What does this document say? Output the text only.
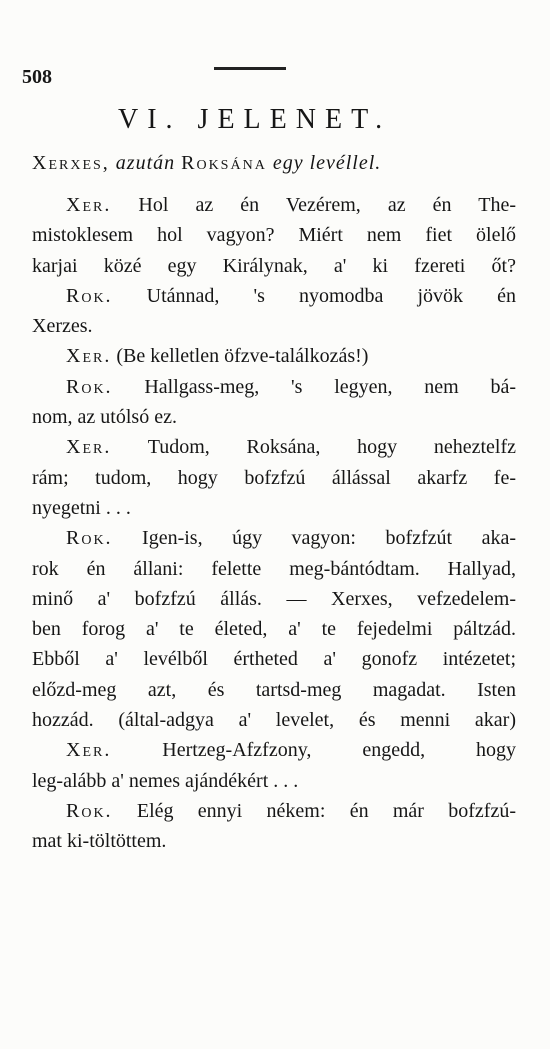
508
VI. JELENET.
Xerxes, azután Roksána egy levéllel.
Xer. Hol az én Vezérem, az én The-
mistoklesem hol vagyon? Miért nem fiet ölelő
karjai közé egy Királynak, a' ki fzereti őt?
Rok. Utánnad, 's nyomodba jövök én
Xerzes.
Xer. (Be kelletlen öfzve-találkozás!)
Rok. Hallgass-meg, 's legyen, nem bá-
nom, az utólsó ez.
Xer. Tudom, Roksána, hogy neheztelfz
rám; tudom, hogy bofzfzú állással akarfz fe-
nyegetni . . .
Rok. Igen-is, úgy vagyon: bofzfzút aka-
rok én állani: felette meg-bántódtam. Hallyad,
minő a' bofzfzú állás. — Xerxes, vefzedelem-
ben forog a' te életed, a' te fejedelmi páltzád.
Ebből a' levélből értheted a' gonofz intézetet;
előzd-meg azt, és tartsd-meg magadat. Isten
hozzád. (által-adgya a' levelet, és menni akar)
Xer. Hertzeg-Afzfzony, engedd, hogy
leg-alább a' nemes ajándékért . . .
Rok. Elég ennyi nékem: én már bofzfzú-
mat ki-töltöttem.
